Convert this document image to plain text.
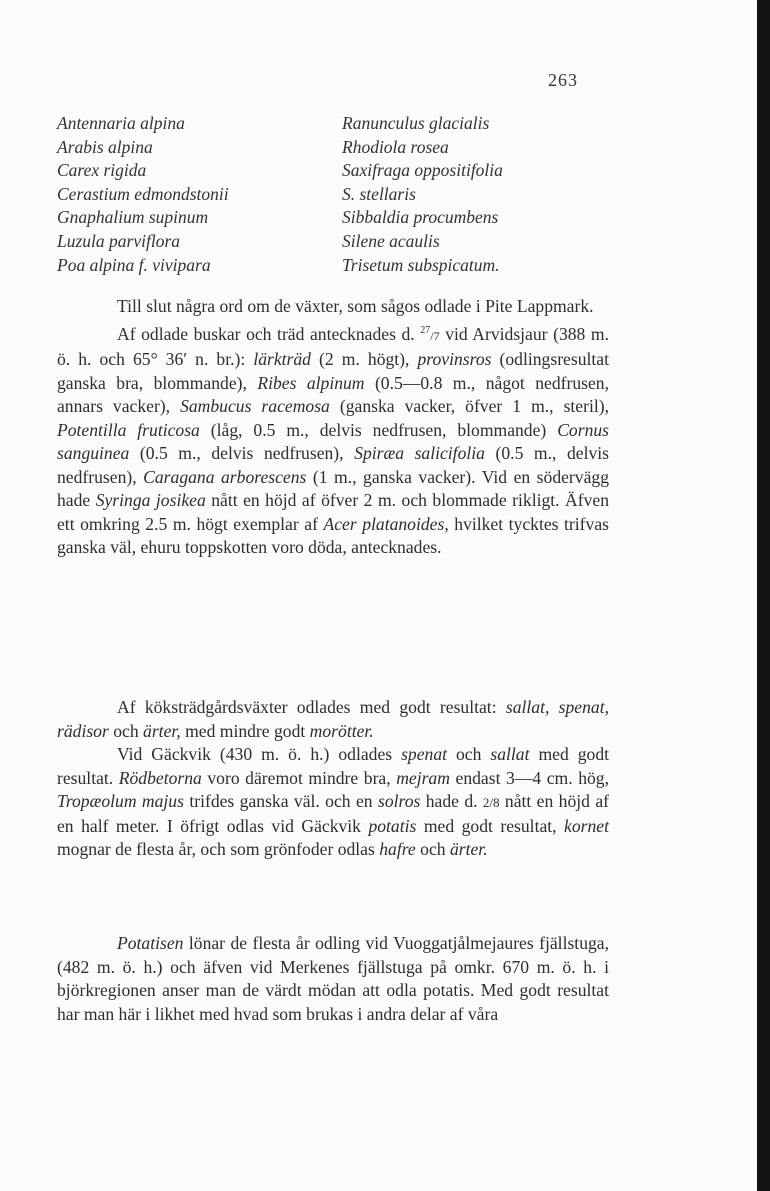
263
Antennaria alpina
Arabis alpina
Carex rigida
Cerastium edmondstonii
Gnaphalium supinum
Luzula parviflora
Poa alpina f. vivipara
Ranunculus glacialis
Rhodiola rosea
Saxifraga oppositifolia
S. stellaris
Sibbaldia procumbens
Silene acaulis
Trisetum subspicatum.

Till slut några ord om de växter, som sågos odlade i Pite Lappmark.

Af odlade buskar och träd antecknades d. $^{27}$/7 vid Arvidsjaur (388 m. ö. h. och 65° 36′ n. br.): lärkträd (2 m. högt), provinsros (odlingsresultat ganska bra, blommande), Ribes alpinum (0.5—0.8 m., något nedfrusen, annars vacker), Sambucus racemosa (ganska vacker, öfver 1 m., steril), Potentilla fruticosa (låg, 0.5 m., delvis nedfrusen, blommande) Cornus sanguinea (0.5 m., delvis nedfrusen), Spiræa salicifolia (0.5 m., delvis nedfrusen), Caragana arborescens (1 m., ganska vacker). Vid en södervägg hade Syringa josikea nått en höjd af öfver 2 m. och blommade rikligt. Äfven ett omkring 2.5 m. högt exemplar af Acer platanoides, hvilket tycktes trifvas ganska väl, ehuru toppskotten voro döda, antecknades.

Af köksträdgårdsväxter odlades med godt resultat: sallat, spenat, rädisor och ärter, med mindre godt morötter.

Vid Gäckvik (430 m. ö. h.) odlades spenat och sallat med godt resultat. Rödbetorna voro däremot mindre bra, mejram endast 3—4 cm. hög, Tropæolum majus trifdes ganska väl. och en solros hade d. 2/8 nått en höjd af en half meter. I öfrigt odlas vid Gäckvik potatis med godt resultat, kornet mognar de flesta år, och som grönfoder odlas hafre och ärter.

Potatisen lönar de flesta år odling vid Vuoggatjålmejaures fjällstuga, (482 m. ö. h.) och äfven vid Merkenes fjällstuga på omkr. 670 m. ö. h. i björkregionen anser man de värdt mödan att odla potatis. Med godt resultat har man här i likhet med hvad som brukas i andra delar af våra
